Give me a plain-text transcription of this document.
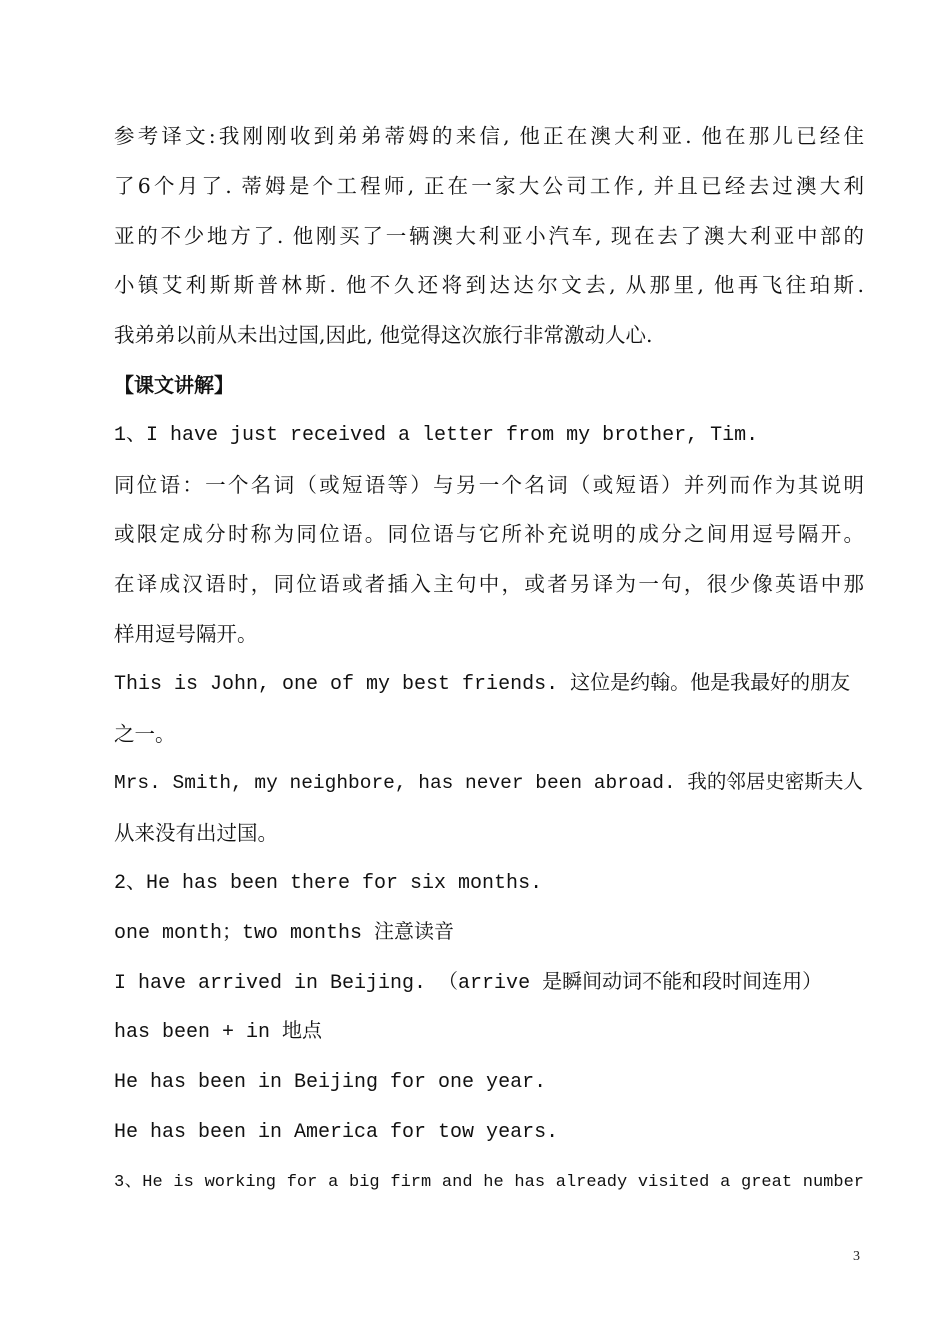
参考译文:我刚刚收到弟弟蒂姆的来信, 他正在澳大利亚. 他在那儿已经住
了6个月了. 蒂姆是个工程师, 正在一家大公司工作, 并且已经去过澳大利
亚的不少地方了. 他刚买了一辆澳大利亚小汽车, 现在去了澳大利亚中部的
小镇艾利斯斯普林斯. 他不久还将到达达尔文去, 从那里, 他再飞往珀斯.
我弟弟以前从未出过国,因此, 他觉得这次旅行非常激动人心.
【课文讲解】
1、I have just received a letter from my brother, Tim.
同位语：一个名词（或短语等）与另一个名词（或短语）并列而作为其说明
或限定成分时称为同位语。同位语与它所补充说明的成分之间用逗号隔开。
在译成汉语时，同位语或者插入主句中，或者另译为一句，很少像英语中那
样用逗号隔开。
This is John, one of my best friends. 这位是约翰。他是我最好的朋友
之一。
Mrs. Smith, my neighbore, has never been abroad. 我的邻居史密斯夫人
从来没有出过国。
2、He has been there for six months.
one month；two months 注意读音
I have arrived in Beijing. （arrive 是瞬间动词不能和段时间连用）
has been + in 地点
He has been in Beijing for one year.
He has been in America for tow years.
3、He is working for a big firm and he has already visited a great number
3
